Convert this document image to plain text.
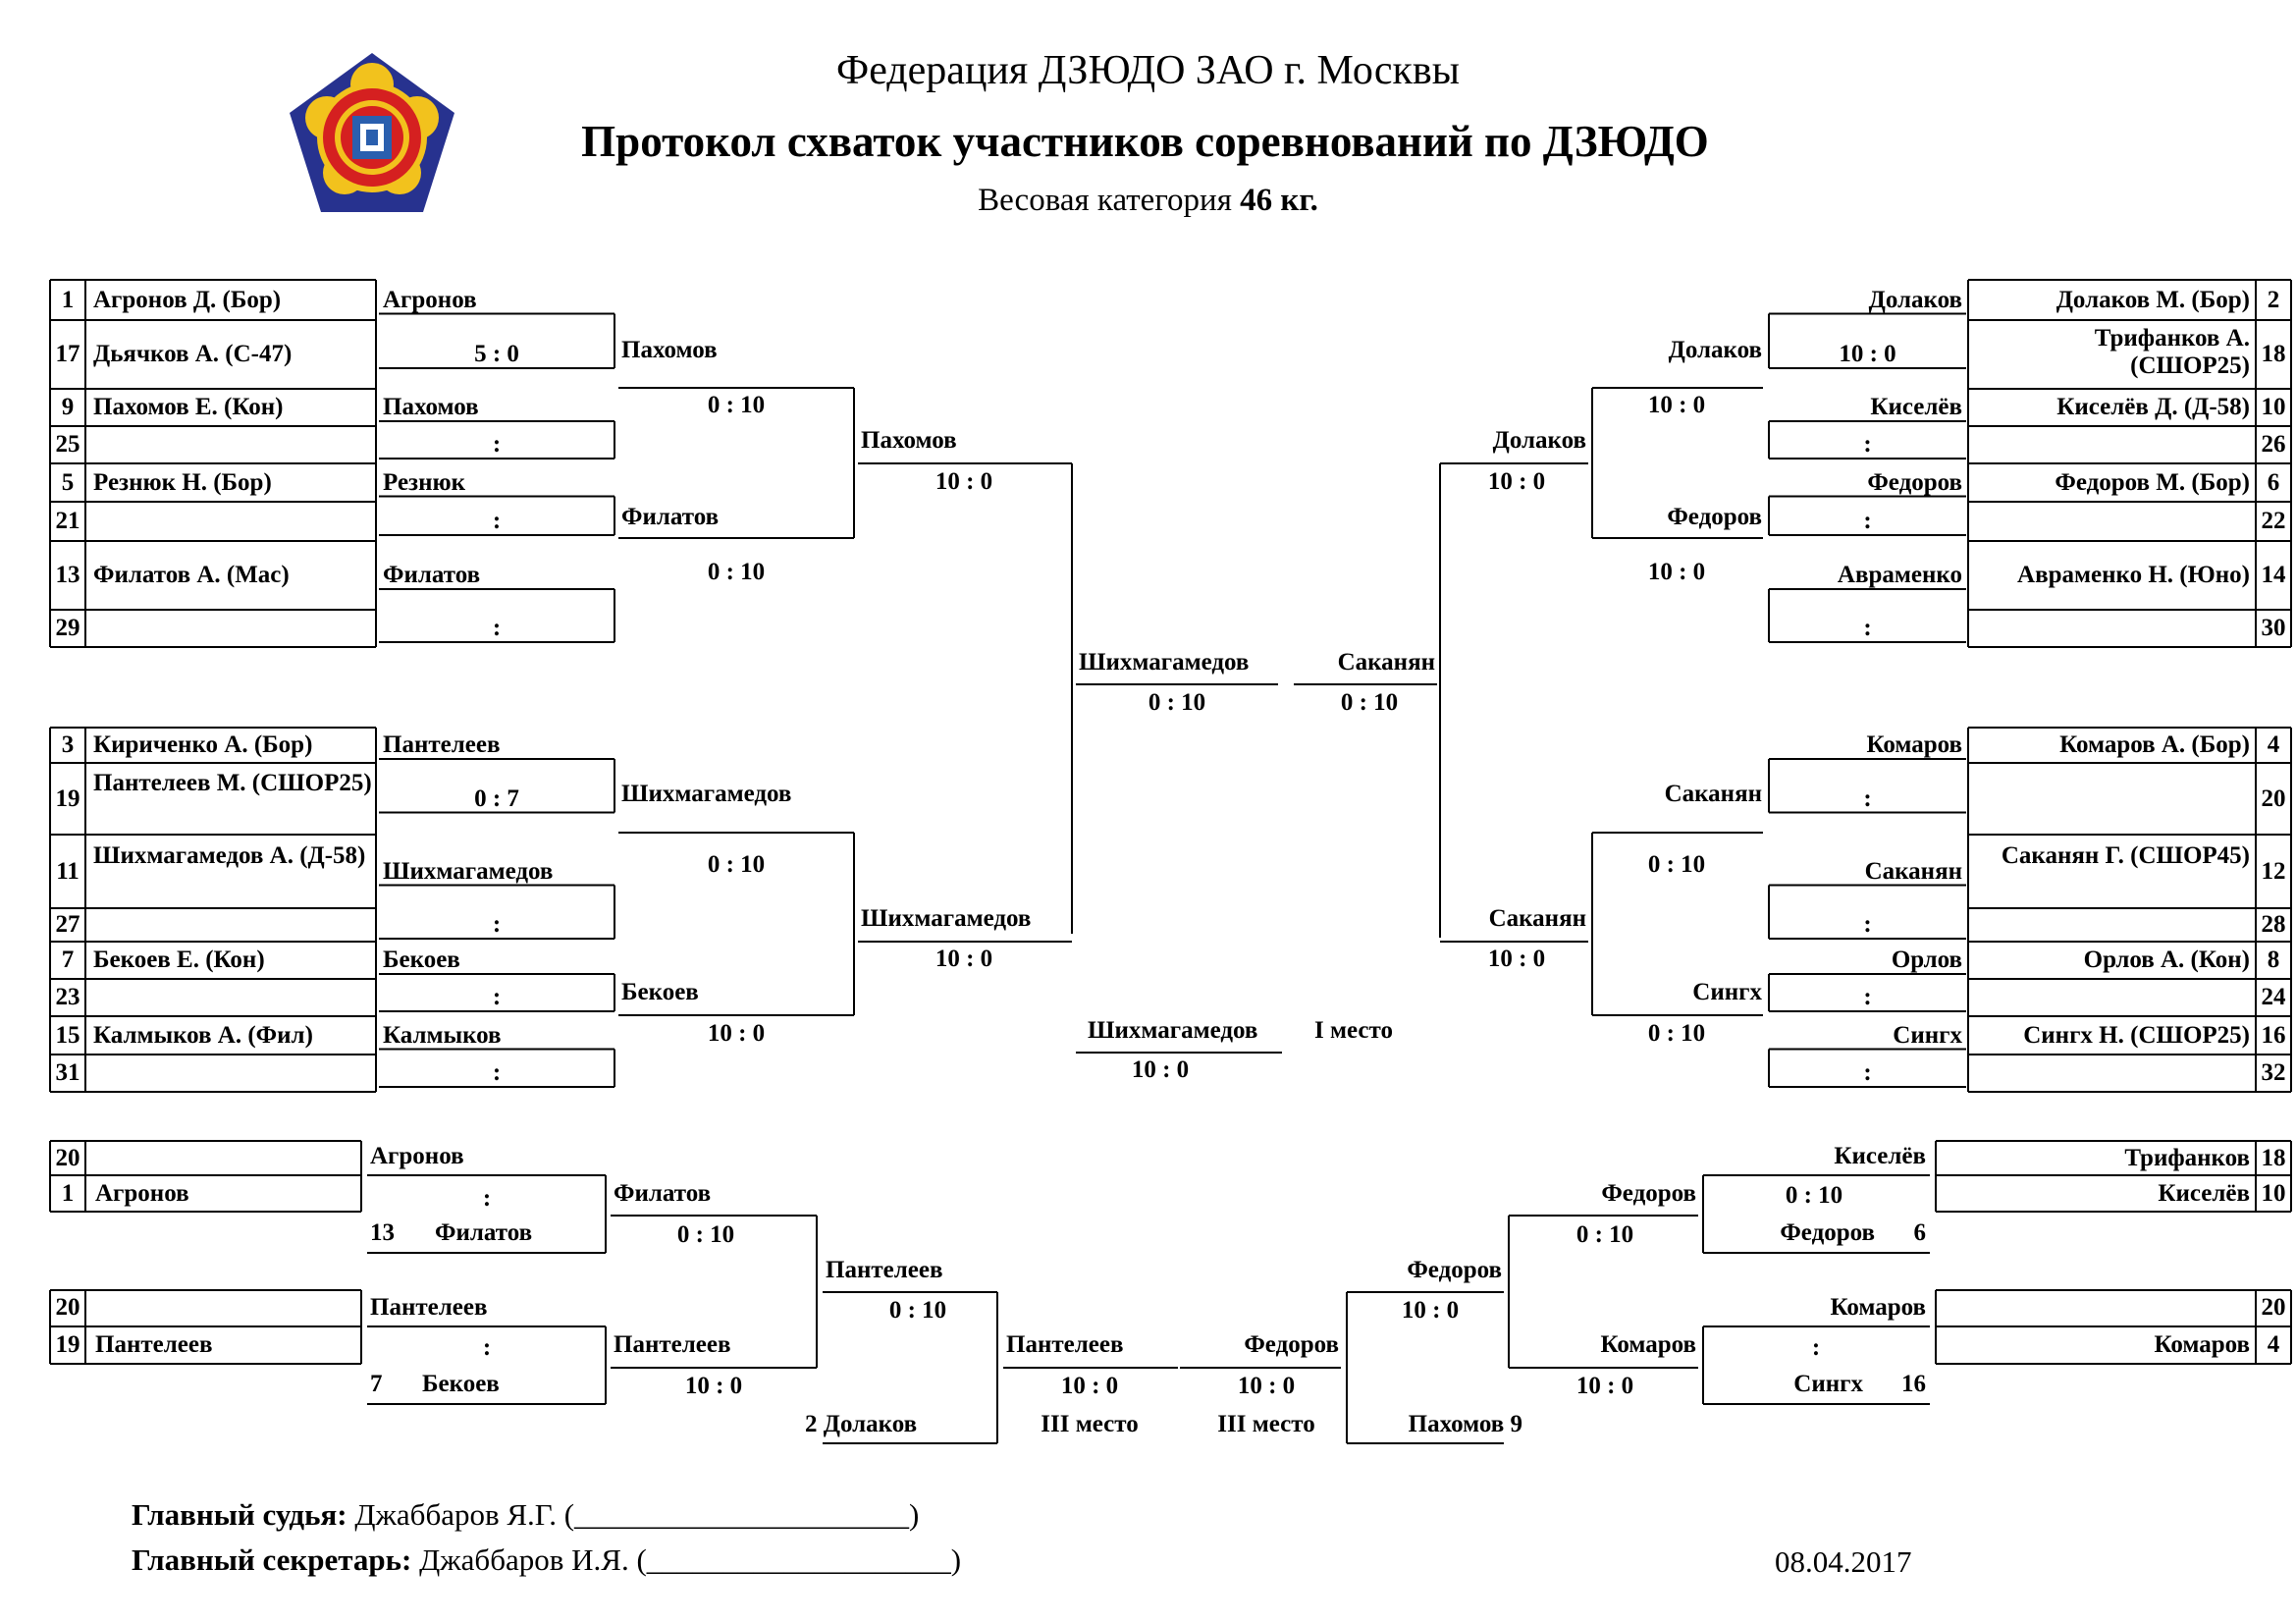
Федерация ДЗЮДО ЗАО г. Москвы
Протокол схваток участников соревнований по ДЗЮДО
Весовая категория 46 кг.
1 Агронов Д. (Бор)
17 Дьячков А. (С-47)
9 Пахомов Е. (Кон)
25
5 Резнюк Н. (Бор)
21
13 Филатов А. (Мас)
29
Агронов
5 : 0
Пахомов
:
Резнюк
:
Филатов
:
3 Кириченко А. (Бор)
19
Пантелеев М. (СШОР25)
11
Шихмагамедов А. (Д-58)
27
7 Бекоев Е. (Кон)
23
15 Калмыков А. (Фил)
31
Пантелеев
0 : 7
Шихмагамедов
:
Бекоев
:
Калмыков
:
2
Долаков М. (Бор)
18
Трифанков А. (СШОР25)
10
Киселёв Д. (Д-58)
26
6
Федоров М. (Бор)
22
14
Авраменко Н. (Юно)
30
Долаков
10 : 0
Киселёв
:
Федоров
:
Авраменко
:
4
Комаров А. (Бор)
20
12
Саканян Г. (СШОР45)
28
8
Орлов А. (Кон)
24
16
Сингх Н. (СШОР25)
32
Комаров
:
Саканян
:
Орлов
:
Сингх
:
Пахомов
0 : 10
Филатов
0 : 10
Пахомов
10 : 0
Шихмагамедов
0 : 10
Бекоев
10 : 0
Шихмагамедов
10 : 0
Долаков
10 : 0
Федоров
10 : 0
Долаков
10 : 0
Саканян
0 : 10
Сингх
0 : 10
Саканян
10 : 0
Шихмагамедов
0 : 10
Саканян
0 : 10
Шихмагамедов
10 : 0
I место
20
1 Агронов
20
19 Пантелеев
Агронов
:
13 Филатов
Пантелеев
:
7 Бекоев
Филатов
0 : 10
Пантелеев
10 : 0
Пантелеев
0 : 10
2 Долаков
Пантелеев
10 : 0
III место
Трифанков 18
Киселёв 10
20
Комаров 4
Киселёв
0 : 10
Федоров 6
Комаров
:
Сингх 16
Федоров
0 : 10
Комаров
10 : 0
Федоров
10 : 0
Пахомов 9
Федоров
10 : 0
III место
Главный судья: Джаббаров Я.Г. (______________________)
Главный секретарь: Джаббаров И.Я. (____________________)	08.04.2017
